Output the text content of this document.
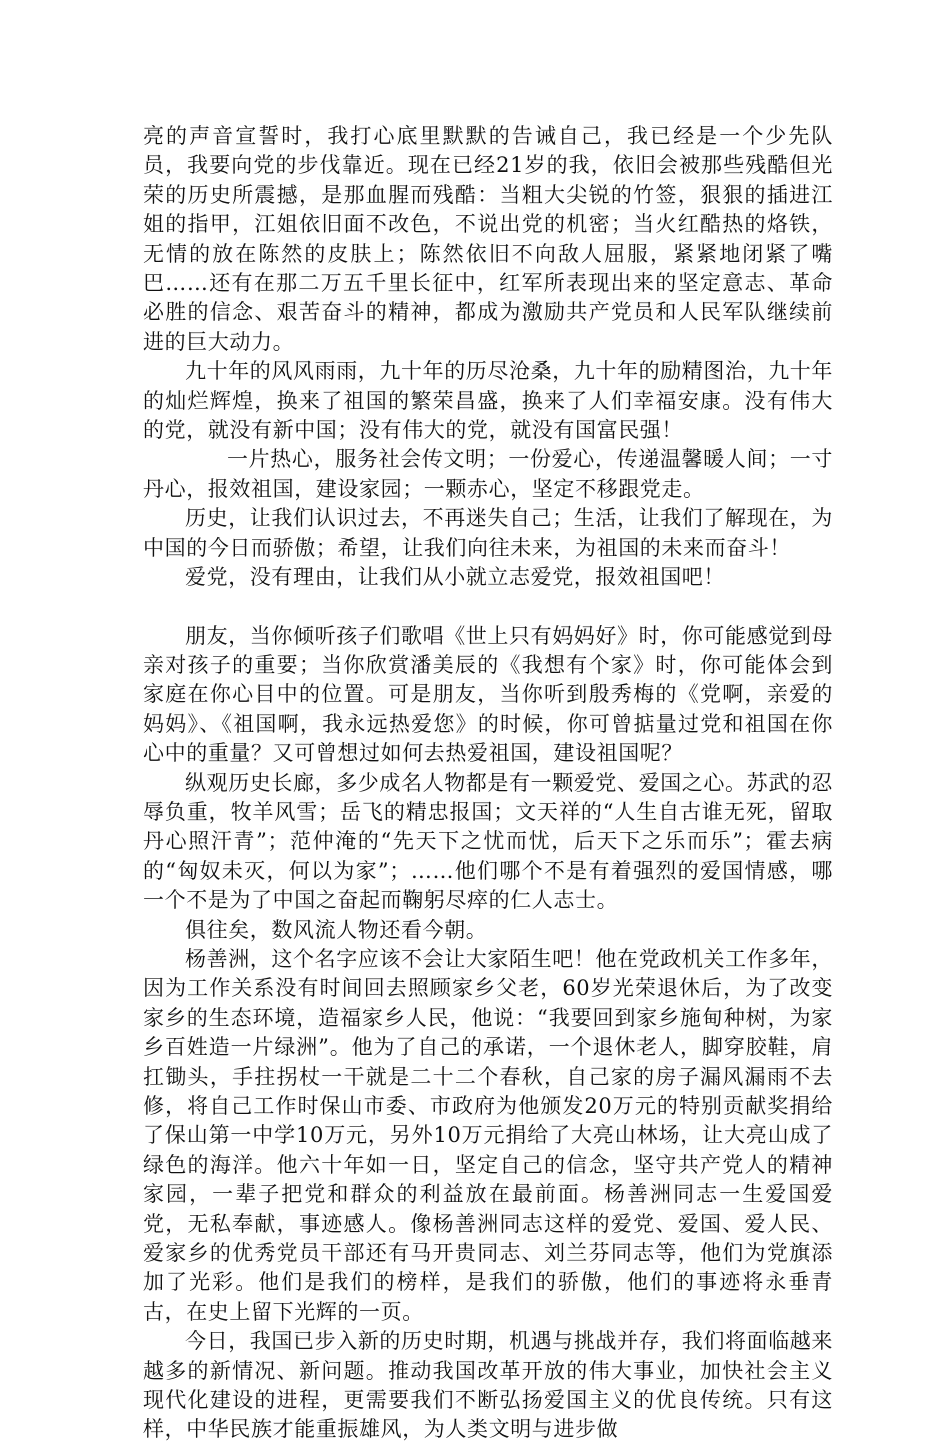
亮的声音宣誓时，我打心底里默默的告诫自己，我已经是一个少先队员，我要向党的步伐靠近。现在已经21岁的我，依旧会被那些残酷但光荣的历史所震撼，是那血腥而残酷：当粗大尖锐的竹签，狠狠的插进江姐的指甲，江姐依旧面不改色，不说出党的机密；当火红酷热的烙铁，无情的放在陈然的皮肤上；陈然依旧不向敌人屈服，紧紧地闭紧了嘴巴……还有在那二万五千里长征中，红军所表现出来的坚定意志、革命必胜的信念、艰苦奋斗的精神，都成为激励共产党员和人民军队继续前进的巨大动力。

九十年的风风雨雨，九十年的历尽沧桑，九十年的励精图治，九十年的灿烂辉煌，换来了祖国的繁荣昌盛，换来了人们幸福安康。没有伟大的党，就没有新中国；没有伟大的党，就没有国富民强！

一片热心，服务社会传文明；一份爱心，传递温馨暖人间；一寸丹心，报效祖国，建设家园；一颗赤心，坚定不移跟党走。

历史，让我们认识过去，不再迷失自己；生活，让我们了解现在，为中国的今日而骄傲；希望，让我们向往未来，为祖国的未来而奋斗！

爱党，没有理由，让我们从小就立志爱党，报效祖国吧！

朋友，当你倾听孩子们歌唱《世上只有妈妈好》时，你可能感觉到母亲对孩子的重要；当你欣赏潘美辰的《我想有个家》时，你可能体会到家庭在你心目中的位置。可是朋友，当你听到殷秀梅的《党啊，亲爱的妈妈》、《祖国啊，我永远热爱您》的时候，你可曾掂量过党和祖国在你心中的重量？又可曾想过如何去热爱祖国，建设祖国呢？

纵观历史长廊，多少成名人物都是有一颗爱党、爱国之心。苏武的忍辱负重，牧羊风雪；岳飞的精忠报国；文天祥的“人生自古谁无死，留取丹心照汗青”；范仲淹的“先天下之忧而忧，后天下之乐而乐”；霍去病的“匈奴未灭，何以为家”；……他们哪个不是有着强烈的爱国情感，哪一个不是为了中国之奋起而鞠躬尽瘁的仁人志士。

俱往矣，数风流人物还看今朝。

杨善洲，这个名字应该不会让大家陌生吧！他在党政机关工作多年，因为工作关系没有时间回去照顾家乡父老，60岁光荣退休后，为了改变家乡的生态环境，造福家乡人民，他说：“我要回到家乡施甸种树，为家乡百姓造一片绿洲”。他为了自己的承诺，一个退休老人，脚穿胶鞋，肩扛锄头，手拄拐杖一干就是二十二个春秋，自己家的房子漏风漏雨不去修，将自己工作时保山市委、市政府为他颁发20万元的特别贡献奖捐给了保山第一中学10万元，另外10万元捐给了大亮山林场，让大亮山成了绿色的海洋。他六十年如一日，坚定自己的信念，坚守共产党人的精神家园，一辈子把党和群众的利益放在最前面。杨善洲同志一生爱国爱党，无私奉献，事迹感人。像杨善洲同志这样的爱党、爱国、爱人民、爱家乡的优秀党员干部还有马开贵同志、刘兰芬同志等，他们为党旗添加了光彩。他们是我们的榜样，是我们的骄傲，他们的事迹将永垂青古，在史上留下光辉的一页。

今日，我国已步入新的历史时期，机遇与挑战并存，我们将面临越来越多的新情况、新问题。推动我国改革开放的伟大事业，加快社会主义现代化建设的进程，更需要我们不断弘扬爱国主义的优良传统。只有这样，中华民族才能重振雄风，为人类文明与进步做
